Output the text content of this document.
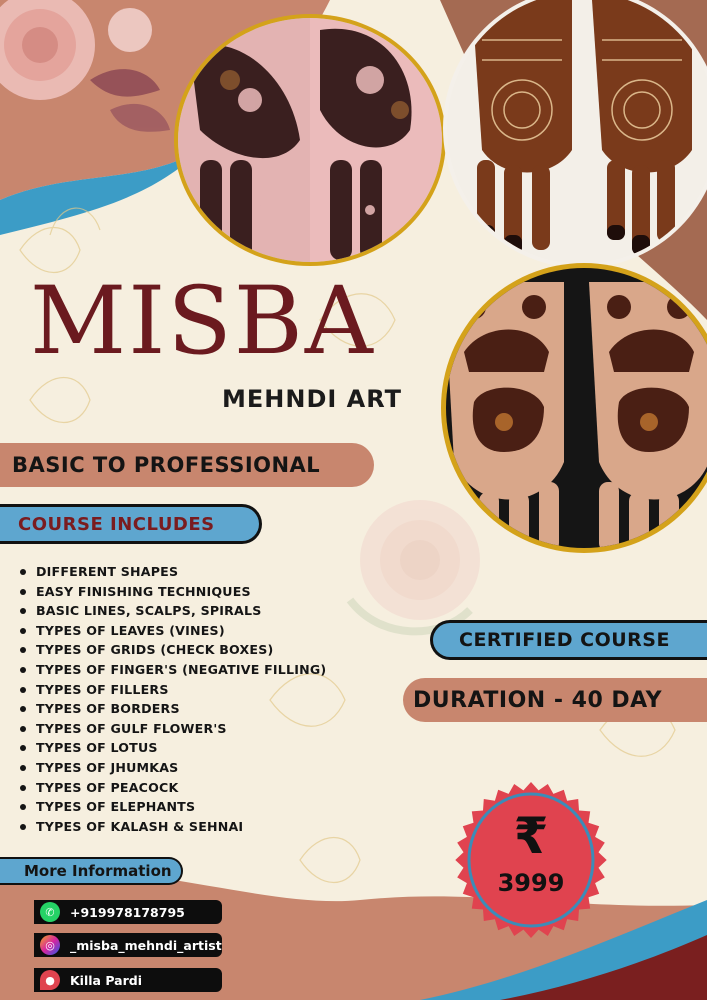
MISBA
MEHNDI ART
BASIC TO PROFESSIONAL
COURSE INCLUDES
DIFFERENT SHAPES
EASY FINISHING TECHNIQUES
BASIC LINES, SCALPS, SPIRALS
TYPES OF LEAVES (VINES)
TYPES OF GRIDS (CHECK BOXES)
TYPES OF FINGER'S (NEGATIVE FILLING)
TYPES OF FILLERS
TYPES OF BORDERS
TYPES OF GULF FLOWER'S
TYPES OF LOTUS
TYPES OF JHUMKAS
TYPES OF PEACOCK
TYPES OF ELEPHANTS
TYPES OF KALASH & SEHNAI
CERTIFIED COURSE
DURATION - 40 DAY
₹
3999
More Information
✆	+919978178795
◎	_misba_mehndi_artist
●	Killa Pardi
